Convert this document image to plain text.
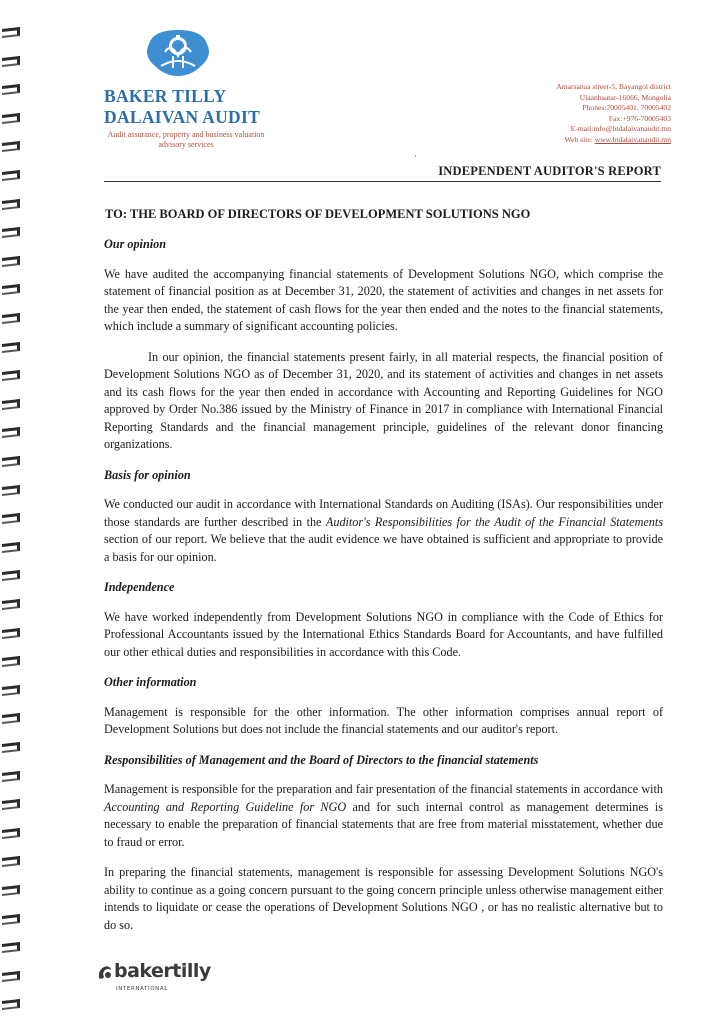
BAKER TILLY
DALAIVAN AUDIT
Audit assurance, property and business valuation advisory services
Amarsanaa street-5, Bayangol district
Ulaanbaatar-16066, Mongolia
Phones:70005401, 70005402
Fax:+976-70005403
E-mail:info@btdalaivanaudit.mn
Web site: www.btdalaivanaudit.mn
INDEPENDENT AUDITOR'S REPORT
TO: THE BOARD OF DIRECTORS OF DEVELOPMENT SOLUTIONS NGO
Our opinion

We have audited the accompanying financial statements of Development Solutions NGO, which comprise the statement of financial position as at December 31, 2020, the statement of activities and changes in net assets for the year then ended, the statement of cash flows for the year then ended and the notes to the financial statements, which include a summary of significant accounting policies.

In our opinion, the financial statements present fairly, in all material respects, the financial position of Development Solutions NGO as of December 31, 2020, and its statement of activities and changes in net assets and its cash flows for the year then ended in accordance with Accounting and Reporting Guidelines for NGO approved by Order No.386 issued by the Ministry of Finance in 2017 in compliance with International Financial Reporting Standards and the financial management principle, guidelines of the relevant donor financing organizations.

Basis for opinion

We conducted our audit in accordance with International Standards on Auditing (ISAs). Our responsibilities under those standards are further described in the Auditor's Responsibilities for the Audit of the Financial Statements section of our report. We believe that the audit evidence we have obtained is sufficient and appropriate to provide a basis for our opinion.

Independence

We have worked independently from Development Solutions NGO in compliance with the Code of Ethics for Professional Accountants issued by the International Ethics Standards Board for Accountants, and have fulfilled our other ethical duties and responsibilities in accordance with this Code.

Other information

Management is responsible for the other information. The other information comprises annual report of Development Solutions but does not include the financial statements and our auditor's report.

Responsibilities of Management and the Board of Directors to the financial statements

Management is responsible for the preparation and fair presentation of the financial statements in accordance with Accounting and Reporting Guideline for NGO and for such internal control as management determines is necessary to enable the preparation of financial statements that are free from material misstatement, whether due to fraud or error.

In preparing the financial statements, management is responsible for assessing Development Solutions NGO's ability to continue as a going concern pursuant to the going concern principle unless otherwise management either intends to liquidate or cease the operations of Development Solutions NGO , or has no realistic alternative but to do so.

bakertilly
INTERNATIONAL
·
